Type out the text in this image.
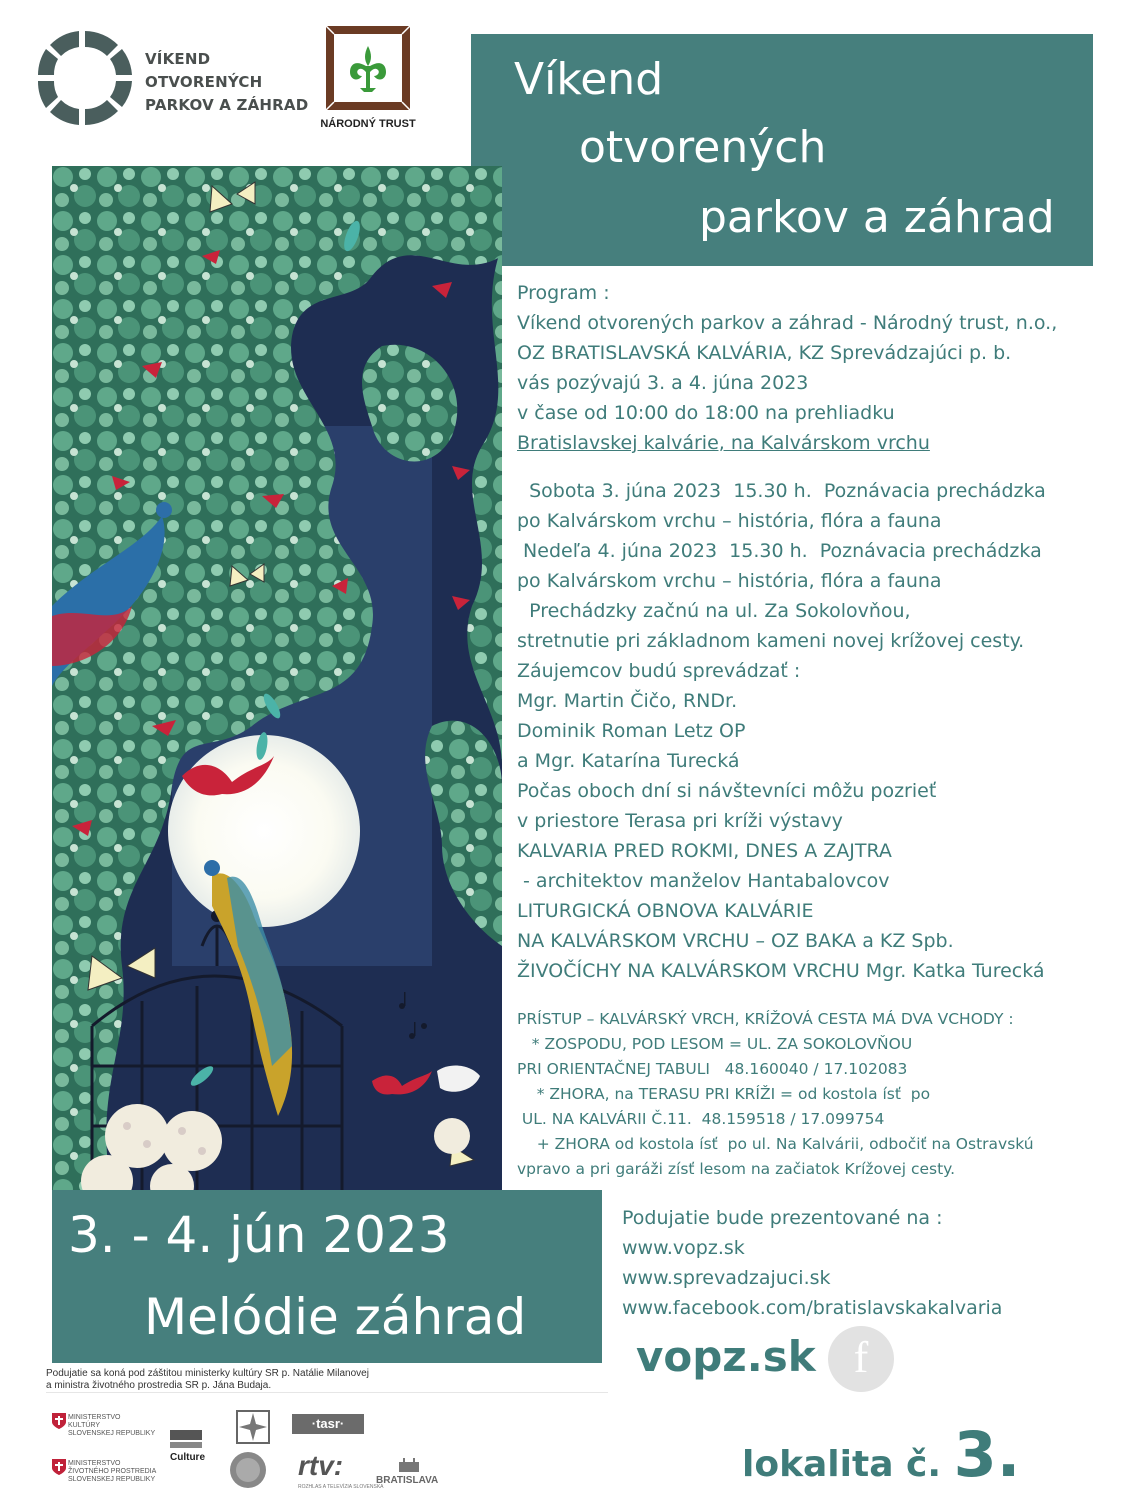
VÍKEND
OTVORENÝCH
PARKOV A ZÁHRAD
NÁRODNÝ TRUST
Víkend
otvorených
parkov a záhrad
Program :
Víkend otvorených parkov a záhrad - Národný trust, n.o.,
OZ BRATISLAVSKÁ KALVÁRIA, KZ Sprevádzajúci p. b.
vás pozývajú 3. a 4. júna 2023
v čase od 10:00 do 18:00 na prehliadku
Bratislavskej kalvárie, na Kalvárskom vrchu
Sobota 3. júna 2023  15.30 h.  Poznávacia prechádzka
po Kalvárskom vrchu – história, flóra a fauna
Nedeľa 4. júna 2023  15.30 h.  Poznávacia prechádzka
po Kalvárskom vrchu – história, flóra a fauna
Prechádzky začnú na ul. Za Sokolovňou,
stretnutie pri základnom kameni novej krížovej cesty.
Záujemcov budú sprevádzať :
Mgr. Martin Čičo, RNDr.
Dominik Roman Letz OP
a Mgr. Katarína Turecká
Počas oboch dní si návštevníci môžu pozrieť
v priestore Terasa pri kríži výstavy
KALVARIA PRED ROKMI, DNES A ZAJTRA
- architektov manželov Hantabalovcov
LITURGICKÁ OBNOVA KALVÁRIE
NA KALVÁRSKOM VRCHU – OZ BAKA a KZ Spb.
ŽIVOČÍCHY NA KALVÁRSKOM VRCHU Mgr. Katka Turecká
PRÍSTUP – KALVÁRSKÝ VRCH, KRÍŽOVÁ CESTA MÁ DVA VCHODY :
* ZOSPODU, POD LESOM = UL. ZA SOKOLOVŇOU
PRI ORIENTAČNEJ TABULI   48.160040 / 17.102083
* ZHORA, na TERASU PRI KRÍŽI = od kostola ísť  po
UL. NA KALVÁRII Č.11.  48.159518 / 17.099754
+ ZHORA od kostola ísť  po ul. Na Kalvárii, odbočiť na Ostravskú
vpravo a pri garáži zísť lesom na začiatok Krížovej cesty.
3. - 4. jún 2023
Melódie záhrad
Podujatie bude prezentované na :
www.vopz.sk
www.sprevadzajuci.sk
www.facebook.com/bratislavskakalvaria
vopz.sk f
lokalita č. 3.
Podujatie sa koná pod záštitou ministerky kultúry SR p. Natálie Milanovej
a ministra životného prostredia SR p. Jána Budaja.
MINISTERSTVO
KULTÚRY
SLOVENSKEJ REPUBLIKY
MINISTERSTVO
ŽIVOTNÉHO PROSTREDIA
SLOVENSKEJ REPUBLIKY
Culture
·tasr·
rtv:
ROZHLAS A TELEVÍZIA SLOVENSKA
BRATISLAVA
